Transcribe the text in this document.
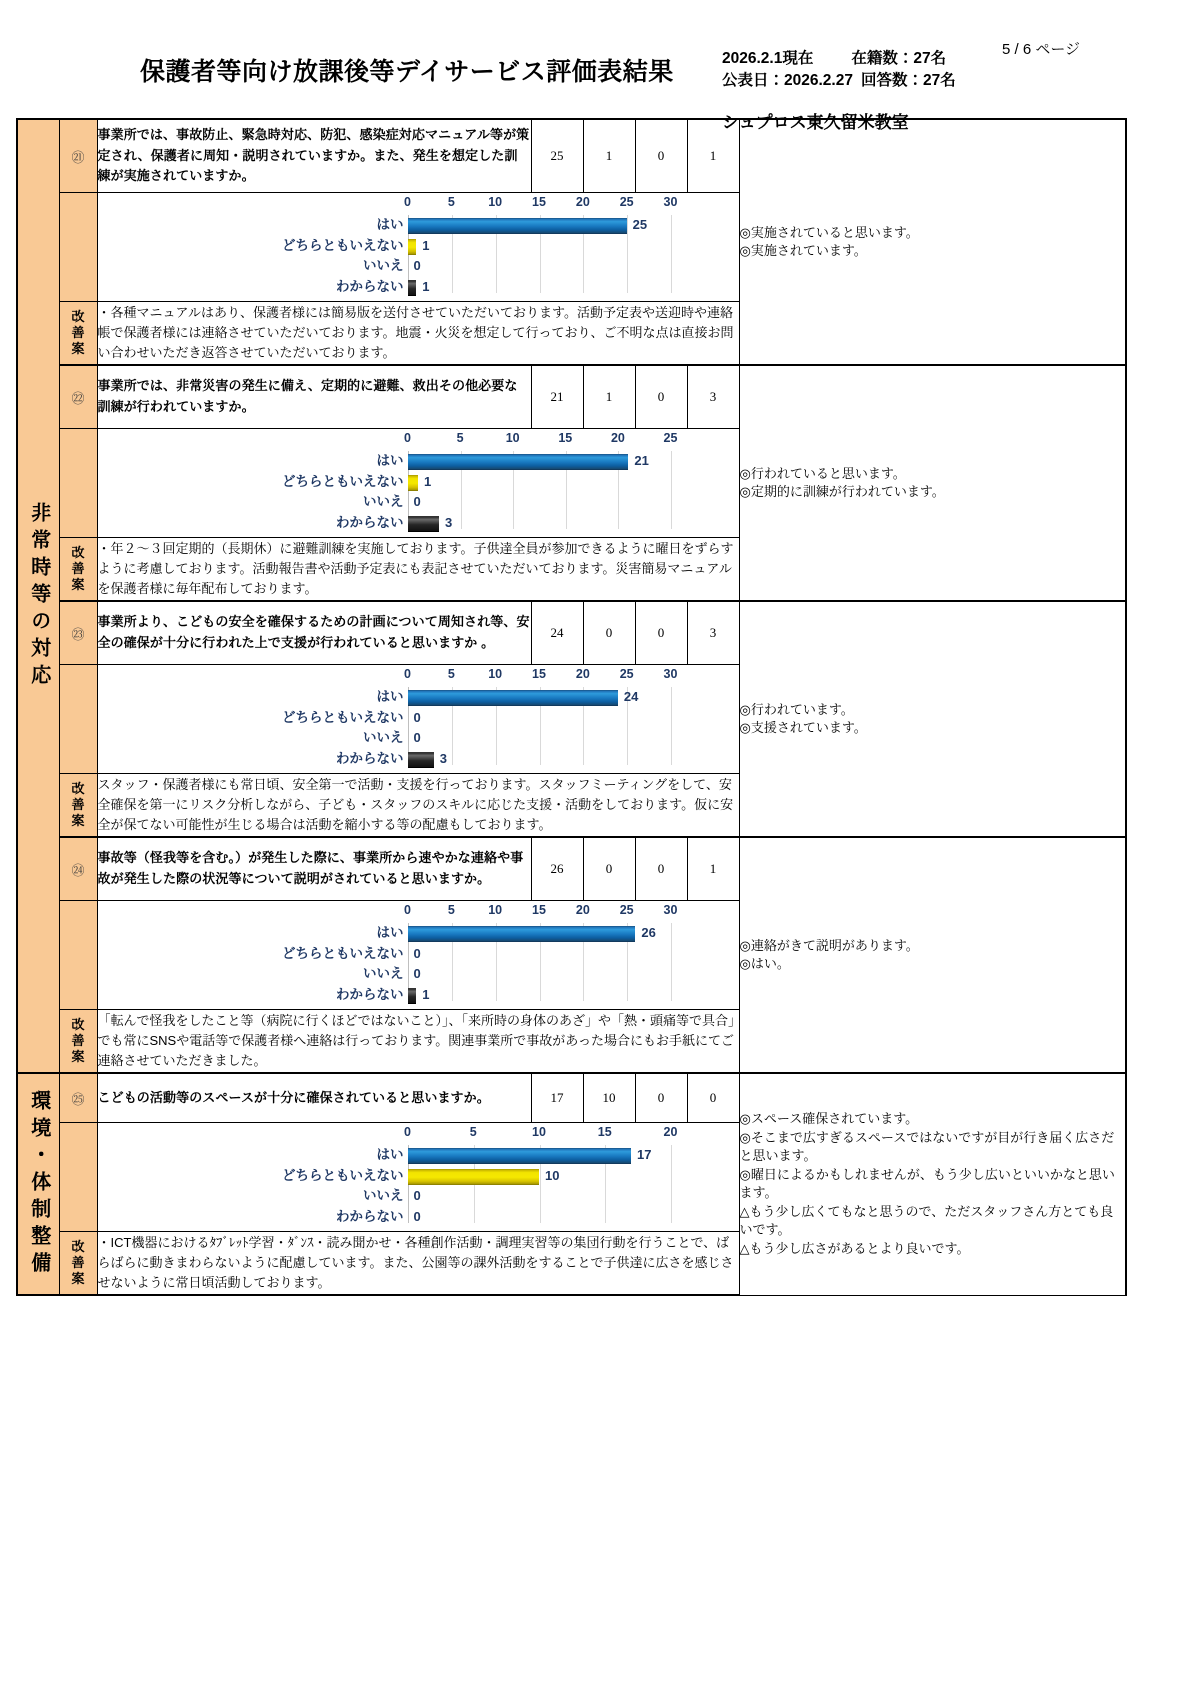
保護者等向け放課後等デイサービス評価表結果	2026.2.1現在 在籍数：27名
公表日：2026.2.27 回答数：27名
シュプロス東久留米教室
5 / 6 ページ
非常時等の対応	㉑	事業所では、事故防止、緊急時対応、防犯、感染症対応マニュアル等が策定され、保護者に周知・説明されていますか。また、発生を想定した訓練が実施されていますか。	25	1	0	1	◎実施されていると思います。
◎実施されています。

0	5	10 15 20 25 30
はい	25
どちらともいえない 1
いいえ 0
わからない 1

	改
善
案	・各種マニュアルはあり、保護者様には簡易版を送付させていただいております。活動予定表や送迎時や連絡帳で保護者様には連絡させていただいております。地震・火災を想定して行っており、ご不明な点は直接お問い合わせいただき返答させていただいております。					

	㉒	事業所では、非常災害の発生に備え、定期的に避難、救出その他必要な訓練が行われていますか。	21	1	0	3	◎行われていると思います。
◎定期的に訓練が行われています。

0	5	10	15	20	25
はい	21
どちらともいえない 1
いいえ 0
わからない	3

	改
善
案	・年２～３回定期的（長期休）に避難訓練を実施しております。子供達全員が参加できるように曜日をずらすように考慮しております。活動報告書や活動予定表にも表記させていただいております。災害簡易マニュアルを保護者様に毎年配布しております。					

	㉓	事業所より、こどもの安全を確保するための計画について周知され等、安全の確保が十分に行われた上で支援が行われていると思いますか 。	24	0	0	3	◎行われています。
◎支援されています。

0	5	10 15 20 25 30
はい	24
どちらともいえない 0
いいえ 0
わからない	3

	改
善
案	スタッフ・保護者様にも常日頃、安全第一で活動・支援を行っております。スタッフミーティングをして、安全確保を第一にリスク分析しながら、子ども・スタッフのスキルに応じた支援・活動をしております。仮に安全が保てない可能性が生じる場合は活動を縮小する等の配慮もしております。					

	㉔	事故等（怪我等を含む。）が発生した際に、事業所から速やかな連絡や事故が発生した際の状況等について説明がされていると思いますか。	26	0	0	1	◎連絡がきて説明があります。
◎はい。

0	5	10 15 20 25 30
はい	26
どちらともいえない 0
いいえ 0
わからない 1

	改
善
案	「転んで怪我をしたこと等（病院に行くほどではないこと）」、「来所時の身体のあざ」や「熱・頭痛等で具合」でも常にSNSや電話等で保護者様へ連絡は行っております。関連事業所で事故があった場合にもお手紙にてご連絡させていただきました。					

環境・体制整備	㉕	こどもの活動等のスペースが十分に確保されていると思いますか。	17	10	0	0	◎スペース確保されています。
◎そこまで広すぎるスペースではないですが目が行き届く広さだと思います。
◎曜日によるかもしれませんが、もう少し広いといいかなと思います。
△もう少し広くてもなと思うので、ただスタッフさん方とても良いです。
△もう少し広さがあるとより良いです。

0	5	10	15	20
はい	17
どちらともいえない	10
いいえ 0
わからない 0

	改
善
案	・ICT機器におけるﾀﾌﾞﾚｯﾄ学習・ﾀﾞﾝｽ・読み聞かせ・各種創作活動・調理実習等の集団行動を行うことで、ばらばらに動きまわらないように配慮しています。また、公園等の課外活動をすることで子供達に広さを感じさせないように常日頃活動しております。					
